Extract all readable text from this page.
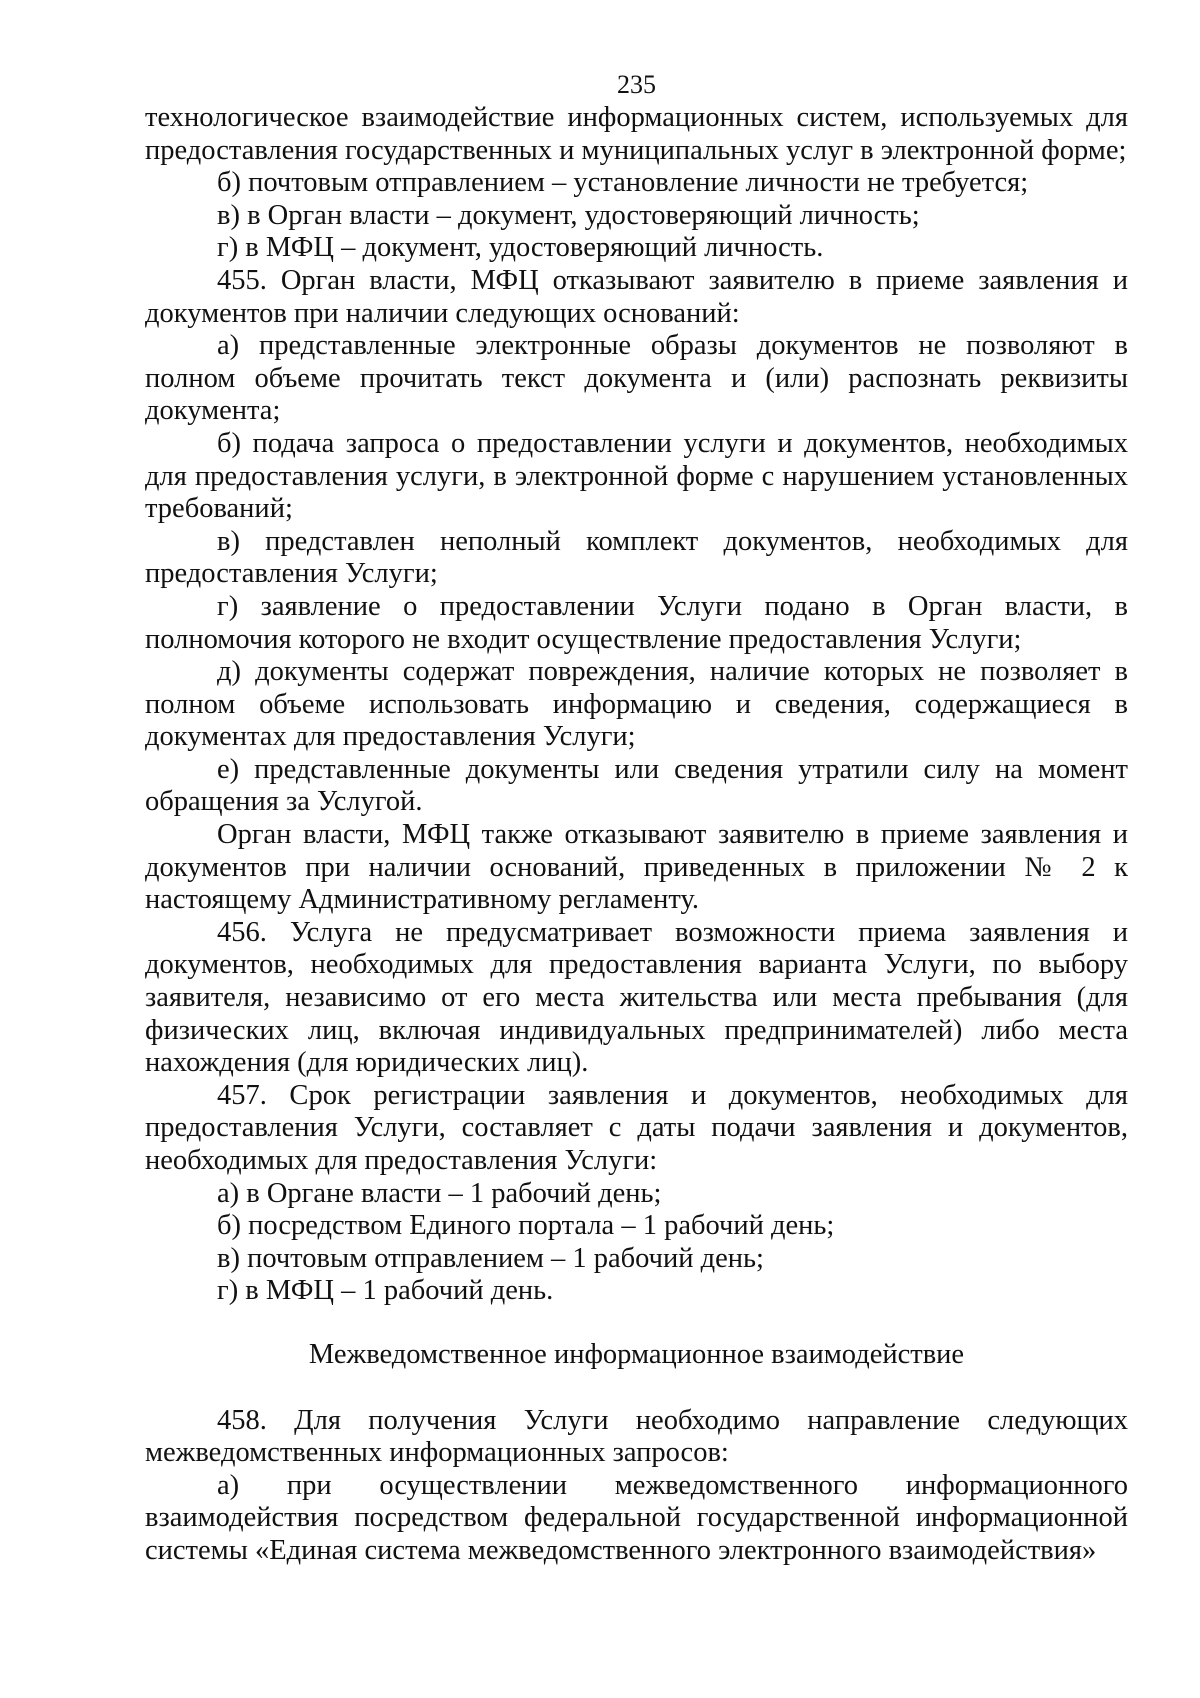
235

технологическое взаимодействие информационных систем, используемых для предоставления государственных и муниципальных услуг в электронной форме;

б) почтовым отправлением – установление личности не требуется;

в) в Орган власти – документ, удостоверяющий личность;

г) в МФЦ – документ, удостоверяющий личность.

455. Орган власти, МФЦ отказывают заявителю в приеме заявления и документов при наличии следующих оснований:

а) представленные электронные образы документов не позволяют в полном объеме прочитать текст документа и (или) распознать реквизиты документа;

б) подача запроса о предоставлении услуги и документов, необходимых для предоставления услуги, в электронной форме с нарушением установленных требований;

в) представлен неполный комплект документов, необходимых для предоставления Услуги;

г) заявление о предоставлении Услуги подано в Орган власти, в полномочия которого не входит осуществление предоставления Услуги;

д) документы содержат повреждения, наличие которых не позволяет в полном объеме использовать информацию и сведения, содержащиеся в документах для предоставления Услуги;

е) представленные документы или сведения утратили силу на момент обращения за Услугой.

Орган власти, МФЦ также отказывают заявителю в приеме заявления и документов при наличии оснований, приведенных в приложении № 2 к настоящему Административному регламенту.

456. Услуга не предусматривает возможности приема заявления и документов, необходимых для предоставления варианта Услуги, по выбору заявителя, независимо от его места жительства или места пребывания (для физических лиц, включая индивидуальных предпринимателей) либо места нахождения (для юридических лиц).

457. Срок регистрации заявления и документов, необходимых для предоставления Услуги, составляет с даты подачи заявления и документов, необходимых для предоставления Услуги:

а) в Органе власти – 1 рабочий день;

б) посредством Единого портала – 1 рабочий день;

в) почтовым отправлением – 1 рабочий день;

г) в МФЦ – 1 рабочий день.

Межведомственное информационное взаимодействие

458. Для получения Услуги необходимо направление следующих межведомственных информационных запросов:

а) при осуществлении межведомственного информационного взаимодействия посредством федеральной государственной информационной системы «Единая система межведомственного электронного взаимодействия»
